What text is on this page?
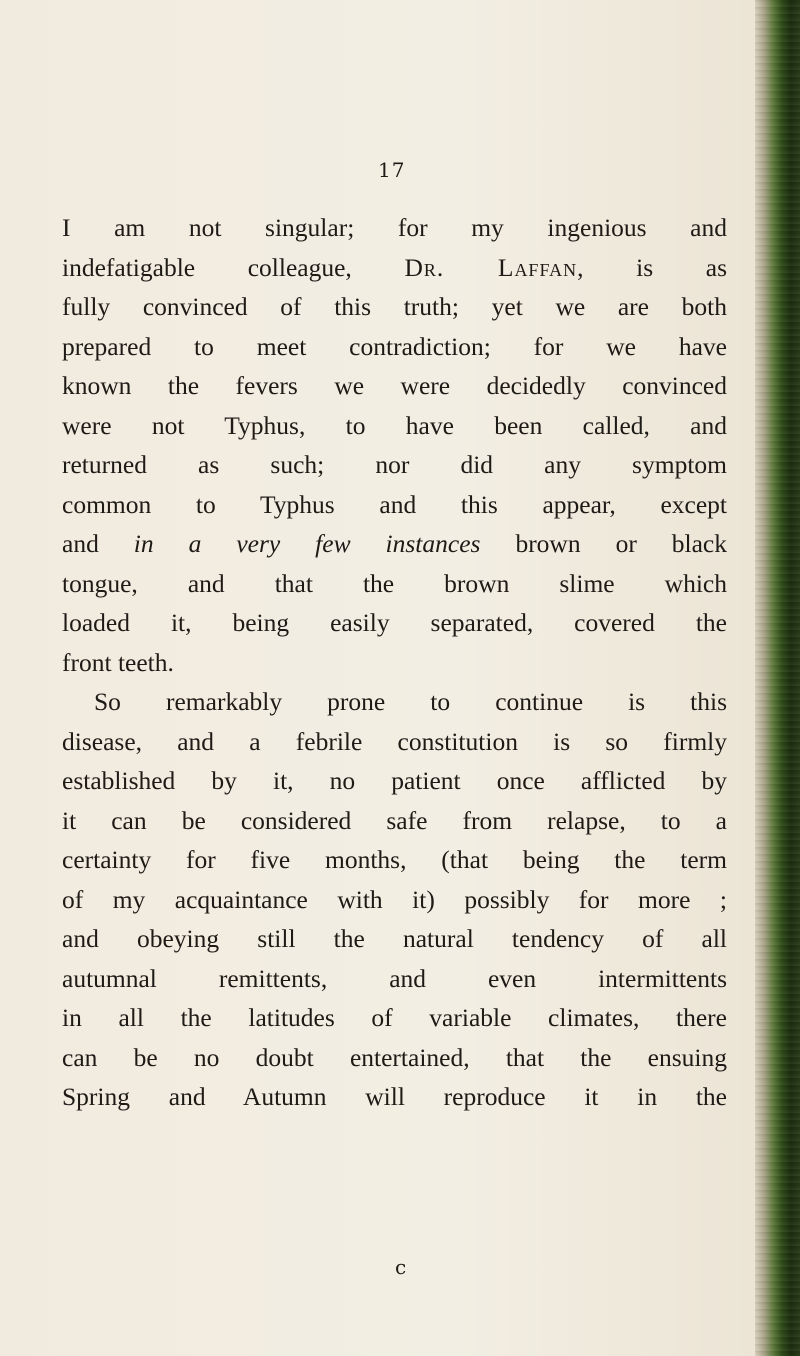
17
I am not singular; for my ingenious and
indefatigable colleague, Dr. Laffan, is as
fully convinced of this truth; yet we are both
prepared to meet contradiction; for we have
known the fevers we were decidedly convinced
were not Typhus, to have been called, and
returned as such; nor did any symptom
common to Typhus and this appear, except
and in a very few instances brown or black
tongue, and that the brown slime which
loaded it, being easily separated, covered the
front teeth.
So remarkably prone to continue is this
disease, and a febrile constitution is so firmly
established by it, no patient once afflicted by
it can be considered safe from relapse, to a
certainty for five months, (that being the term
of my acquaintance with it) possibly for more ;
and obeying still the natural tendency of all
autumnal remittents, and even intermittents
in all the latitudes of variable climates, there
can be no doubt entertained, that the ensuing
Spring and Autumn will reproduce it in the
c
